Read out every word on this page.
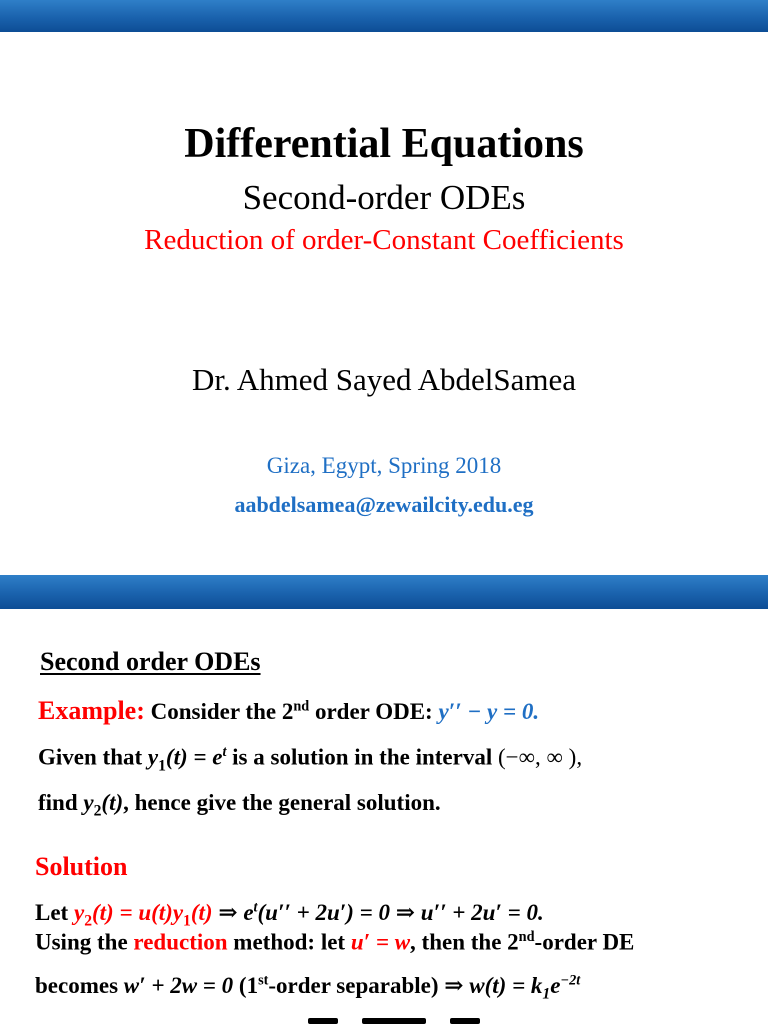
Differential Equations
Second-order ODEs
Reduction of order-Constant Coefficients
Dr. Ahmed Sayed AbdelSamea
Giza, Egypt, Spring 2018
aabdelsamea@zewailcity.edu.eg
Second order ODEs
Example: Consider the 2nd order ODE: y′′ − y = 0.
Given that $y_1(t) = e^t$ is a solution in the interval (−∞, ∞ ),
find $y_2(t)$, hence give the general solution.
Solution
Let $y_2(t) = u(t)y_1(t)$ ⇒ $e^t(u'' + 2u') = 0$ ⇒ u′′ + 2u′ = 0.
Using the reduction method: let u′ = w, then the 2nd-order DE
becomes w′ + 2w = 0 (1st-order separable) ⇒ $w(t) = k_1e^{-2t}$
